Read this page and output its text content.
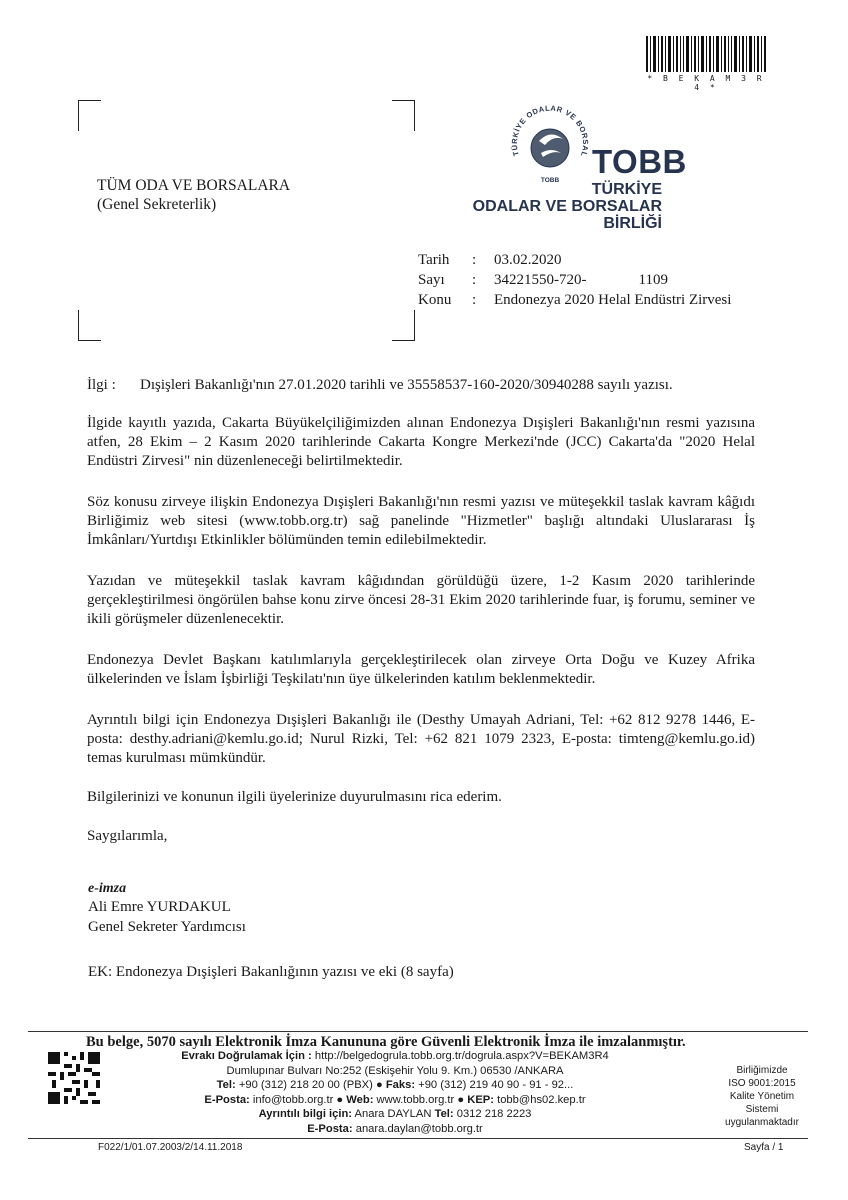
* B E K A M 3 R 4 *
TÜRKİYE ODALAR VE BORSAL
TOBB
TOBB
TÜRKİYE
ODALAR VE BORSALAR
BİRLİĞİ
TÜM ODA VE BORSALARA
(Genel Sekreterlik)
Tarih	:	03.02.2020
Sayı	:	34221550-720-	1109
Konu	:	Endonezya 2020 Helal Endüstri Zirvesi
İlgi :	Dışişleri Bakanlığı'nın 27.01.2020 tarihli ve 35558537-160-2020/30940288 sayılı yazısı.

İlgide kayıtlı yazıda, Cakarta Büyükelçiliğimizden alınan Endonezya Dışişleri Bakanlığı'nın resmi yazısına atfen, 28 Ekim – 2 Kasım 2020 tarihlerinde Cakarta Kongre Merkezi'nde (JCC) Cakarta'da "2020 Helal Endüstri Zirvesi" nin düzenleneceği belirtilmektedir.

Söz konusu zirveye ilişkin Endonezya Dışişleri Bakanlığı'nın resmi yazısı ve müteşekkil taslak kavram kâğıdı Birliğimiz web sitesi (www.tobb.org.tr) sağ panelinde "Hizmetler" başlığı altındaki Uluslararası İş İmkânları/Yurtdışı Etkinlikler bölümünden temin edilebilmektedir.

Yazıdan ve müteşekkil taslak kavram kâğıdından görüldüğü üzere, 1-2 Kasım 2020 tarihlerinde gerçekleştirilmesi öngörülen bahse konu zirve öncesi 28-31 Ekim 2020 tarihlerinde fuar, iş forumu, seminer ve ikili görüşmeler düzenlenecektir.

Endonezya Devlet Başkanı katılımlarıyla gerçekleştirilecek olan zirveye Orta Doğu ve Kuzey Afrika ülkelerinden ve İslam İşbirliği Teşkilatı'nın üye ülkelerinden katılım beklenmektedir.

Ayrıntılı bilgi için Endonezya Dışişleri Bakanlığı ile (Desthy Umayah Adriani, Tel: +62 812 9278 1446, E-posta: desthy.adriani@kemlu.go.id; Nurul Rizki, Tel: +62 821 1079 2323, E-posta: timteng@kemlu.go.id) temas kurulması mümkündür.

Bilgilerinizi ve konunun ilgili üyelerinize duyurulmasını rica ederim.

Saygılarımla,

e-imza
Ali Emre YURDAKUL
Genel Sekreter Yardımcısı
EK: Endonezya Dışişleri Bakanlığının yazısı ve eki (8 sayfa)
Bu belge, 5070 sayılı Elektronik İmza Kanununa göre Güvenli Elektronik İmza ile imzalanmıştır.
Evrakı Doğrulamak İçin : http://belgedogrula.tobb.org.tr/dogrula.aspx?V=BEKAM3R4
Dumlupınar Bulvarı No:252 (Eskişehir Yolu 9. Km.) 06530 /ANKARA
Tel: +90 (312) 218 20 00 (PBX) ● Faks: +90 (312) 219 40 90 - 91 - 92...
E-Posta: info@tobb.org.tr ● Web: www.tobb.org.tr ● KEP: tobb@hs02.kep.tr
Ayrıntılı bilgi için: Anara DAYLAN Tel: 0312 218 2223
E-Posta: anara.daylan@tobb.org.tr
Birliğimizde
ISO 9001:2015
Kalite Yönetim
Sistemi
uygulanmaktadır
F022/1/01.07.2003/2/14.11.2018	Sayfa / 1
